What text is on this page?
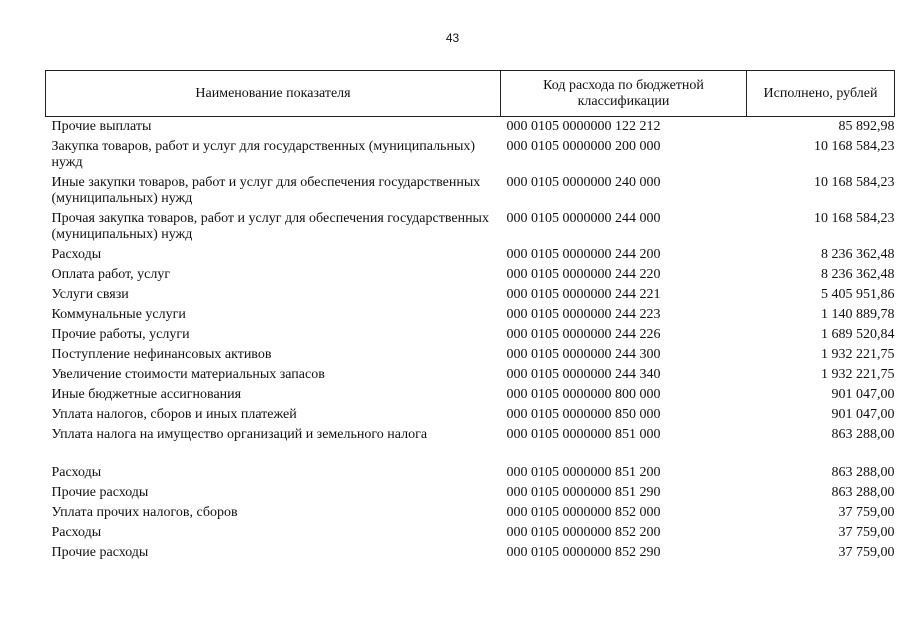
43
Наименование показателя	Код расхода по бюджетной классификации	Исполнено, рублей
Прочие выплаты	000 0105 0000000 122 212	85 892,98
Закупка товаров, работ и услуг для государственных (муниципальных) нужд	000 0105 0000000 200 000	10 168 584,23
Иные закупки товаров, работ и услуг для обеспечения государственных (муниципальных) нужд	000 0105 0000000 240 000	10 168 584,23
Прочая закупка товаров, работ и услуг для обеспечения государственных (муниципальных) нужд	000 0105 0000000 244 000	10 168 584,23
Расходы	000 0105 0000000 244 200	8 236 362,48
Оплата работ, услуг	000 0105 0000000 244 220	8 236 362,48
Услуги связи	000 0105 0000000 244 221	5 405 951,86
Коммунальные услуги	000 0105 0000000 244 223	1 140 889,78
Прочие работы, услуги	000 0105 0000000 244 226	1 689 520,84
Поступление нефинансовых активов	000 0105 0000000 244 300	1 932 221,75
Увеличение стоимости материальных запасов	000 0105 0000000 244 340	1 932 221,75
Иные бюджетные ассигнования	000 0105 0000000 800 000	901 047,00
Уплата налогов, сборов и иных платежей	000 0105 0000000 850 000	901 047,00
Уплата налога на имущество организаций и земельного налога	000 0105 0000000 851 000	863 288,00

Расходы	000 0105 0000000 851 200	863 288,00
Прочие расходы	000 0105 0000000 851 290	863 288,00
Уплата прочих налогов, сборов	000 0105 0000000 852 000	37 759,00
Расходы	000 0105 0000000 852 200	37 759,00
Прочие расходы	000 0105 0000000 852 290	37 759,00
